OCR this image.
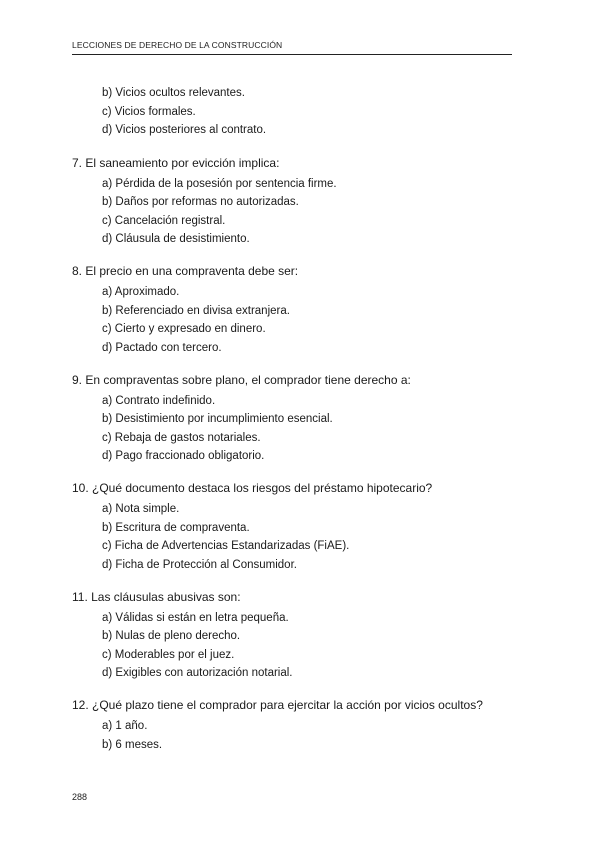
LECCIONES DE DERECHO DE LA CONSTRUCCIÓN
b) Vicios ocultos relevantes.
c) Vicios formales.
d) Vicios posteriores al contrato.
7. El saneamiento por evicción implica:
a) Pérdida de la posesión por sentencia firme.
b) Daños por reformas no autorizadas.
c) Cancelación registral.
d) Cláusula de desistimiento.
8. El precio en una compraventa debe ser:
a) Aproximado.
b) Referenciado en divisa extranjera.
c) Cierto y expresado en dinero.
d) Pactado con tercero.
9. En compraventas sobre plano, el comprador tiene derecho a:
a) Contrato indefinido.
b) Desistimiento por incumplimiento esencial.
c) Rebaja de gastos notariales.
d) Pago fraccionado obligatorio.
10. ¿Qué documento destaca los riesgos del préstamo hipotecario?
a) Nota simple.
b) Escritura de compraventa.
c) Ficha de Advertencias Estandarizadas (FiAE).
d) Ficha de Protección al Consumidor.
11. Las cláusulas abusivas son:
a) Válidas si están en letra pequeña.
b) Nulas de pleno derecho.
c) Moderables por el juez.
d) Exigibles con autorización notarial.
12. ¿Qué plazo tiene el comprador para ejercitar la acción por vicios ocultos?
a) 1 año.
b) 6 meses.
288
